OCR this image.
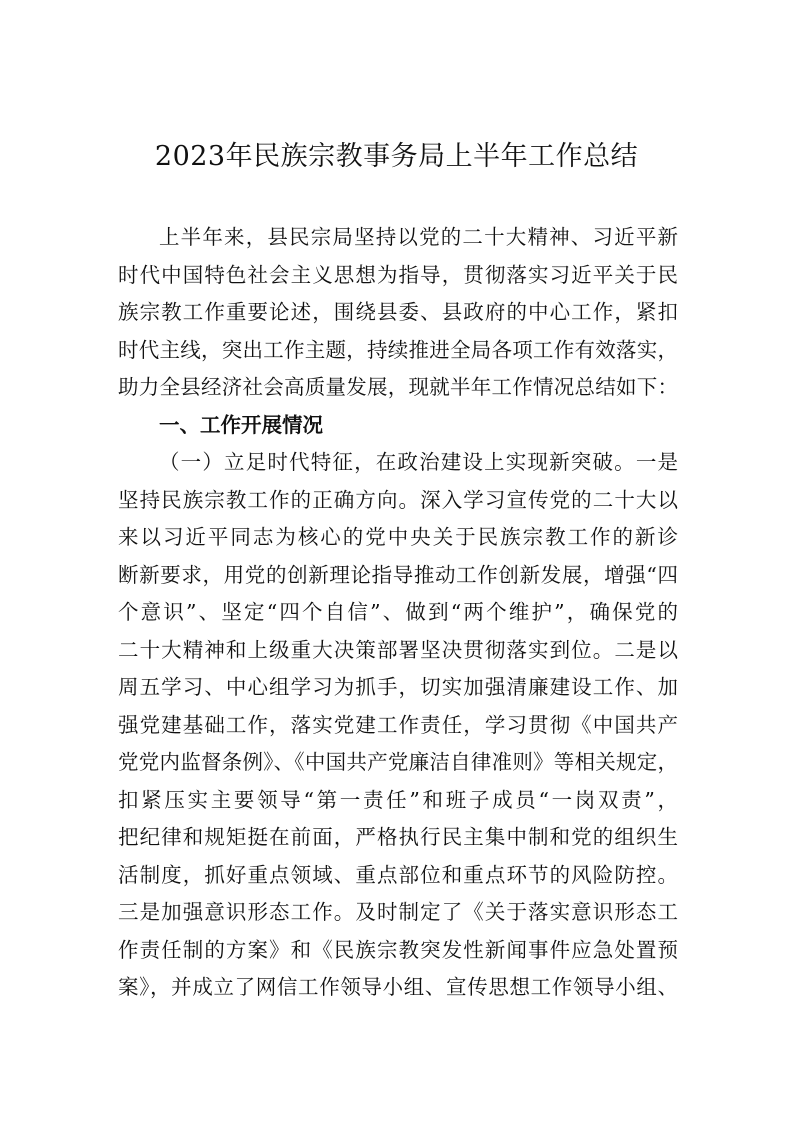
2023年民族宗教事务局上半年工作总结
上半年来，县民宗局坚持以党的二十大精神、习近平新
时代中国特色社会主义思想为指导，贯彻落实习近平关于民
族宗教工作重要论述，围绕县委、县政府的中心工作，紧扣
时代主线，突出工作主题，持续推进全局各项工作有效落实，
助力全县经济社会高质量发展，现就半年工作情况总结如下：
一、工作开展情况
（一）立足时代特征，在政治建设上实现新突破。一是
坚持民族宗教工作的正确方向。深入学习宣传党的二十大以
来以习近平同志为核心的党中央关于民族宗教工作的新诊
断新要求，用党的创新理论指导推动工作创新发展，增强“四
个意识”、坚定“四个自信”、做到“两个维护”，确保党的
二十大精神和上级重大决策部署坚决贯彻落实到位。二是以
周五学习、中心组学习为抓手，切实加强清廉建设工作、加
强党建基础工作，落实党建工作责任，学习贯彻《中国共产
党党内监督条例》、《中国共产党廉洁自律准则》等相关规定，
扣紧压实主要领导“第一责任”和班子成员“一岗双责”，
把纪律和规矩挺在前面，严格执行民主集中制和党的组织生
活制度，抓好重点领域、重点部位和重点环节的风险防控。
三是加强意识形态工作。及时制定了《关于落实意识形态工
作责任制的方案》和《民族宗教突发性新闻事件应急处置预
案》，并成立了网信工作领导小组、宣传思想工作领导小组、
